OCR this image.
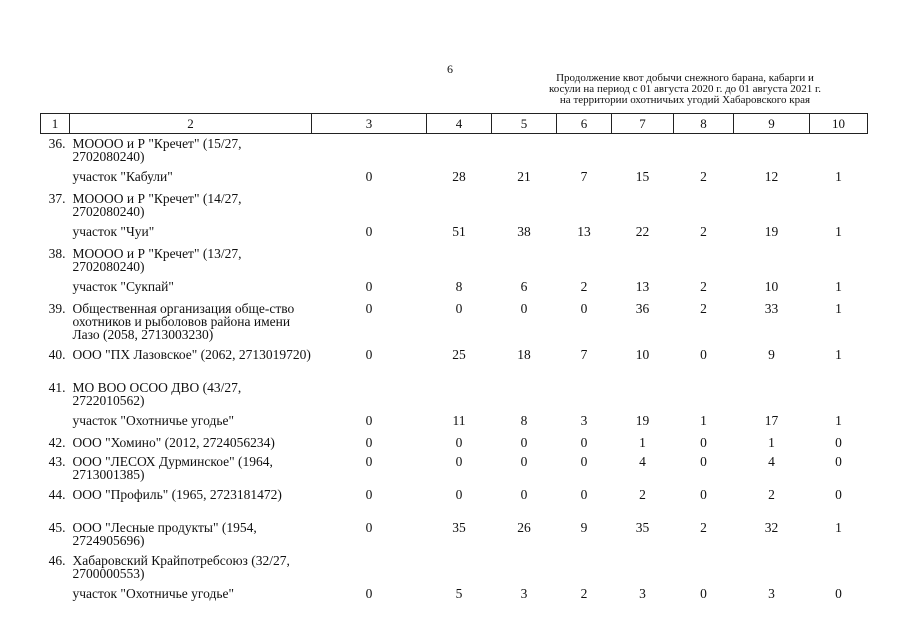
6
Продолжение квот добычи снежного барана, кабарги и
косули на период с 01 августа 2020 г. до 01 августа 2021 г.
на территории охотничьих угодий Хабаровского края
1	2	3	4	5	6	7	8	9	10
36.	МОООО и Р "Кречет" (15/27, 2702080240)								
	участок "Кабули"	0	28	21	7	15	2	12	1
37.	МОООО и Р "Кречет" (14/27, 2702080240)								
	участок "Чуи"	0	51	38	13	22	2	19	1
38.	МОООО и Р "Кречет" (13/27, 2702080240)								
	участок "Сукпай"	0	8	6	2	13	2	10	1
39.	Общественная организация обще-ство охотников и рыболовов района имени Лазо (2058, 2713003230)	0	0	0	0	36	2	33	1
40.	ООО "ПХ Лазовское" (2062, 2713019720)	0	25	18	7	10	0	9	1
41.	МО ВОО ОСОО ДВО (43/27, 2722010562)								
	участок "Охотничье угодье"	0	11	8	3	19	1	17	1
42.	ООО "Хомино" (2012, 2724056234)	0	0	0	0	1	0	1	0
43.	ООО "ЛЕСОХ Дурминское" (1964, 2713001385)	0	0	0	0	4	0	4	0
44.	ООО "Профиль" (1965, 2723181472)	0	0	0	0	2	0	2	0
45.	ООО "Лесные продукты" (1954, 2724905696)	0	35	26	9	35	2	32	1
46.	Хабаровский Крайпотребсоюз (32/27, 2700000553)								
	участок "Охотничье угодье"	0	5	3	2	3	0	3	0
